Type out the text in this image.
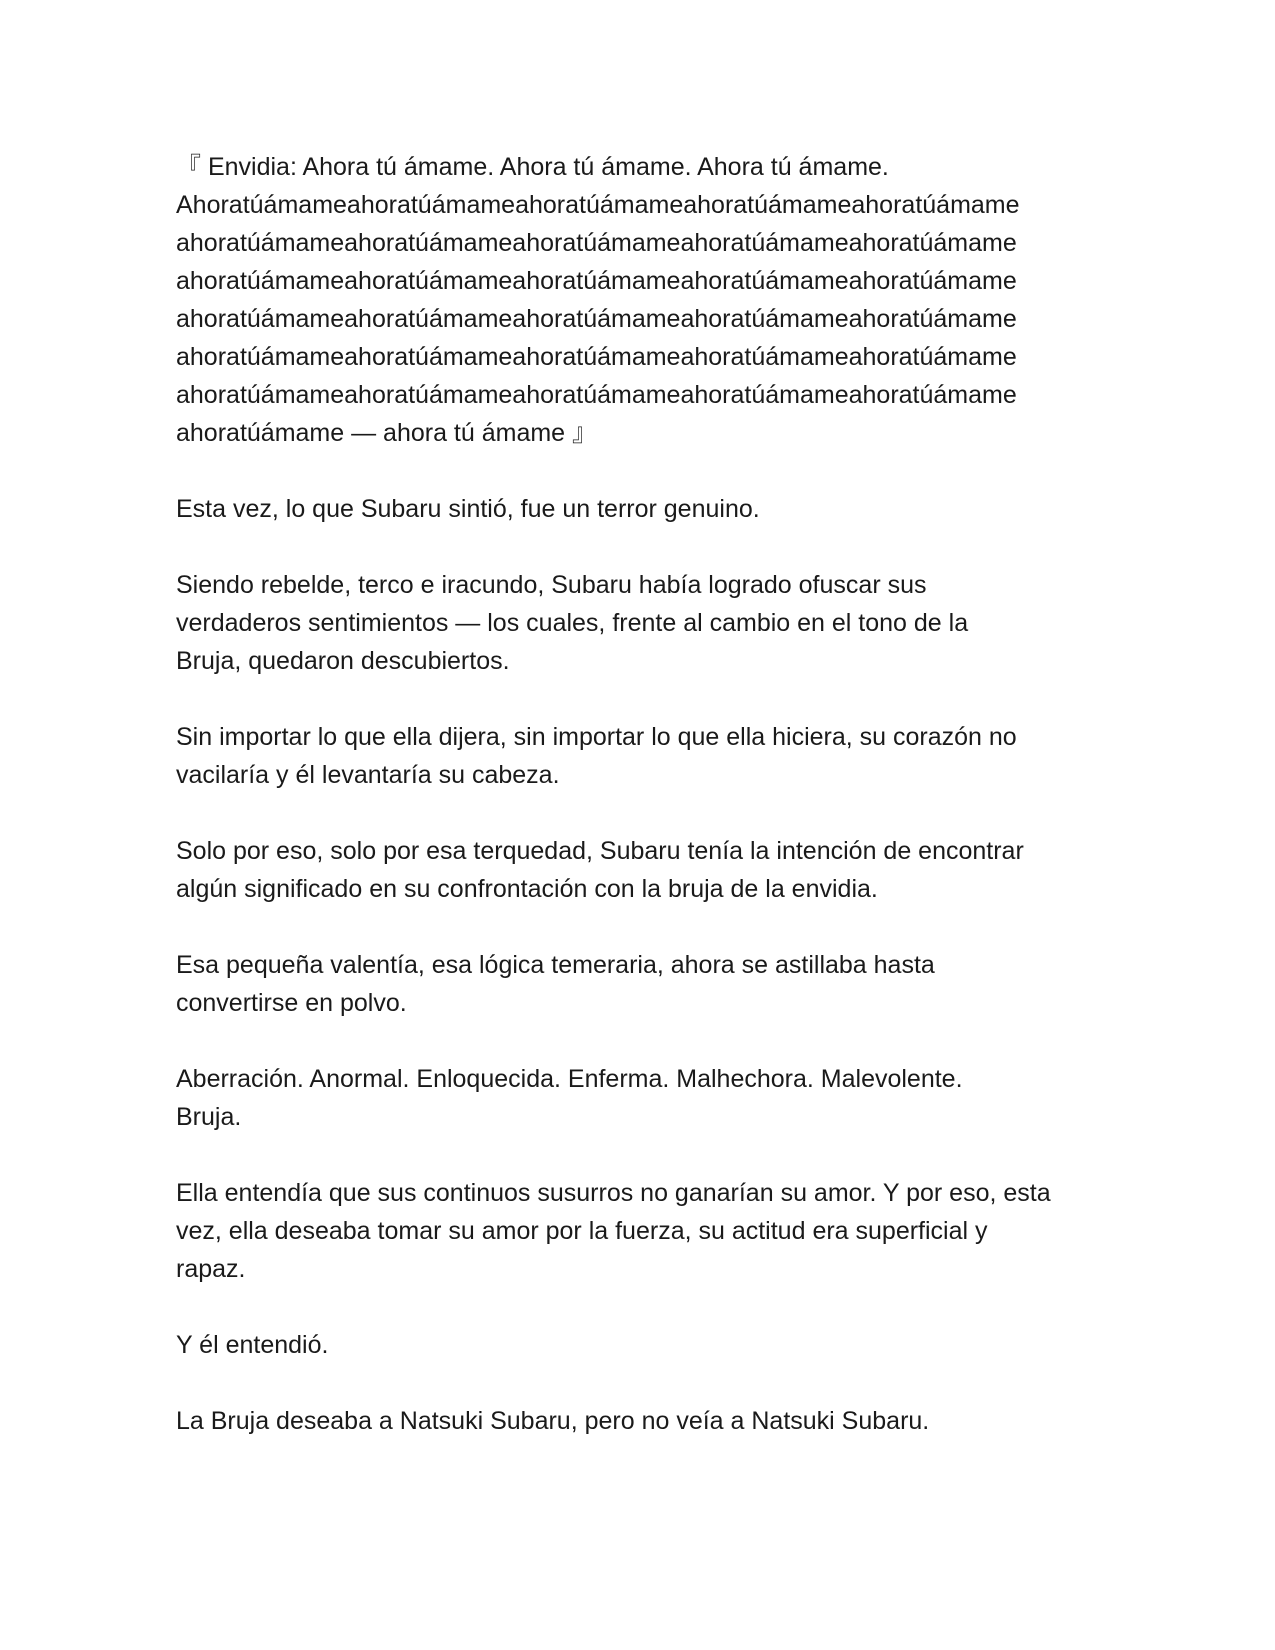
『 Envidia: Ahora tú ámame. Ahora tú ámame. Ahora tú ámame.
Ahoratúámameahoratúámameahoratúámameahoratúámameahoratúámame
ahoratúámameahoratúámameahoratúámameahoratúámameahoratúámame
ahoratúámameahoratúámameahoratúámameahoratúámameahoratúámame
ahoratúámameahoratúámameahoratúámameahoratúámameahoratúámame
ahoratúámameahoratúámameahoratúámameahoratúámameahoratúámame
ahoratúámameahoratúámameahoratúámameahoratúámameahoratúámame
ahoratúámame — ahora tú ámame 』

Esta vez, lo que Subaru sintió, fue un terror genuino.

Siendo rebelde, terco e iracundo, Subaru había logrado ofuscar sus
verdaderos sentimientos — los cuales, frente al cambio en el tono de la
Bruja, quedaron descubiertos.

Sin importar lo que ella dijera, sin importar lo que ella hiciera, su corazón no
vacilaría y él levantaría su cabeza.

Solo por eso, solo por esa terquedad, Subaru tenía la intención de encontrar
algún significado en su confrontación con la bruja de la envidia.

Esa pequeña valentía, esa lógica temeraria, ahora se astillaba hasta
convertirse en polvo.

Aberración. Anormal. Enloquecida. Enferma. Malhechora. Malevolente.
Bruja.

Ella entendía que sus continuos susurros no ganarían su amor. Y por eso, esta
vez, ella deseaba tomar su amor por la fuerza, su actitud era superficial y
rapaz.

Y él entendió.

La Bruja deseaba a Natsuki Subaru, pero no veía a Natsuki Subaru.
